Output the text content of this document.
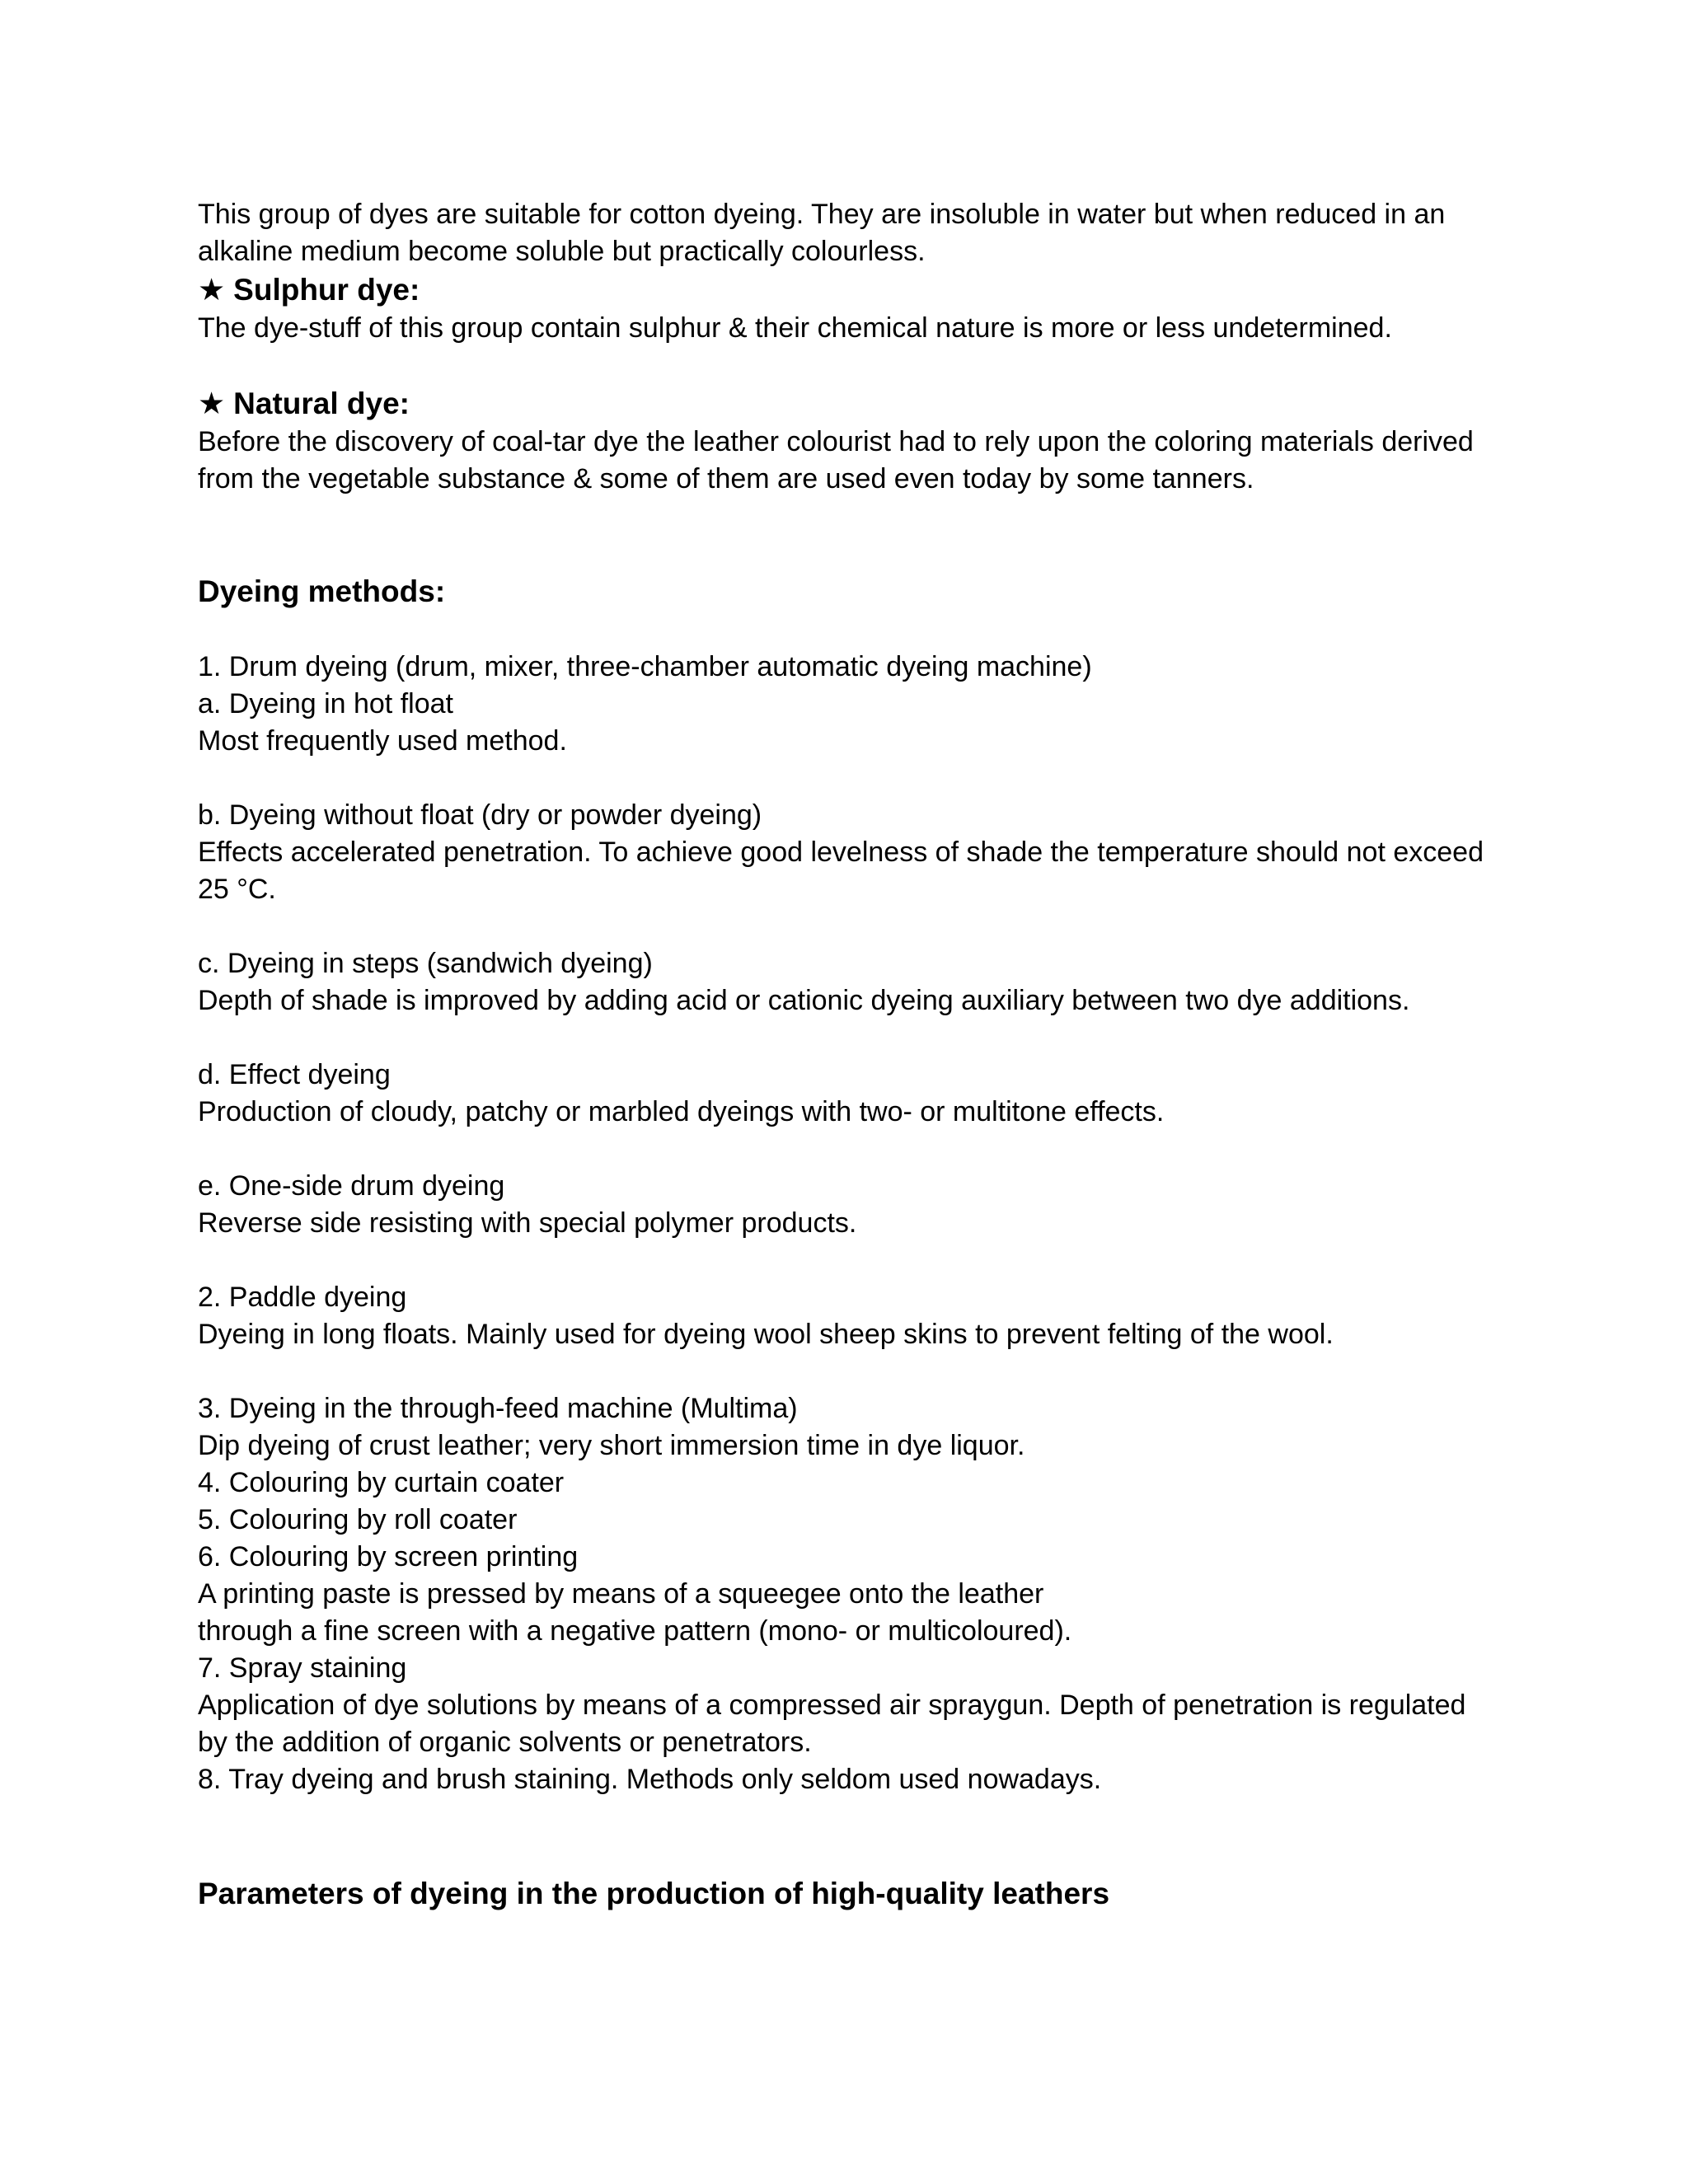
This group of dyes are suitable for cotton dyeing. They are insoluble in water but when reduced in an

alkaline medium become soluble but practically colourless.

★ Sulphur dye:

The dye-stuff of this group contain sulphur & their chemical nature is more or less undetermined.

★ Natural dye:

Before the discovery of coal-tar dye the leather colourist had to rely upon the coloring materials derived

from the vegetable substance & some of them are used even today by some tanners.

Dyeing methods:

1. Drum dyeing (drum, mixer, three-chamber automatic dyeing machine)

a. Dyeing in hot float

Most frequently used method.

b. Dyeing without float (dry or powder dyeing)

Effects accelerated penetration. To achieve good levelness of shade the temperature should not exceed

25 °C.

c. Dyeing in steps (sandwich dyeing)

Depth of shade is improved by adding acid or cationic dyeing auxiliary between two dye additions.

d. Effect dyeing

Production of cloudy, patchy or marbled dyeings with two- or multitone effects.

e. One-side drum dyeing

Reverse side resisting with special polymer products.

2. Paddle dyeing

Dyeing in long floats. Mainly used for dyeing wool sheep skins to prevent felting of the wool.

3. Dyeing in the through-feed machine (Multima)

Dip dyeing of crust leather; very short immersion time in dye liquor.

4. Colouring by curtain coater

5. Colouring by roll coater

6. Colouring by screen printing

A printing paste is pressed by means of a squeegee onto the leather

through a fine screen with a negative pattern (mono- or multicoloured).

7. Spray staining

Application of dye solutions by means of a compressed air spraygun. Depth of penetration is regulated

by the addition of organic solvents or penetrators.

8. Tray dyeing and brush staining. Methods only seldom used nowadays.

Parameters of dyeing in the production of high-quality leathers
